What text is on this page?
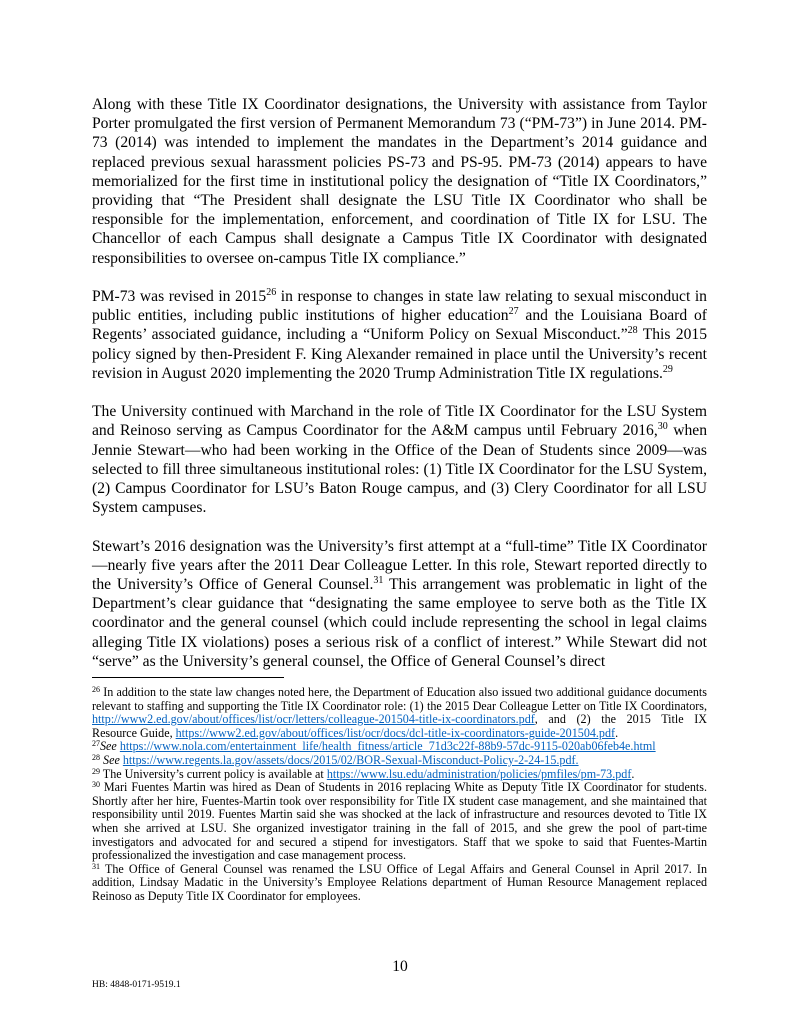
Along with these Title IX Coordinator designations, the University with assistance from Taylor Porter promulgated the first version of Permanent Memorandum 73 (“PM-73”) in June 2014. PM-73 (2014) was intended to implement the mandates in the Department’s 2014 guidance and replaced previous sexual harassment policies PS-73 and PS-95. PM-73 (2014) appears to have memorialized for the first time in institutional policy the designation of “Title IX Coordinators,” providing that “The President shall designate the LSU Title IX Coordinator who shall be responsible for the implementation, enforcement, and coordination of Title IX for LSU. The Chancellor of each Campus shall designate a Campus Title IX Coordinator with designated responsibilities to oversee on-campus Title IX compliance.”

PM-73 was revised in 2015$^{26}$ in response to changes in state law relating to sexual misconduct in public entities, including public institutions of higher education$^{27}$ and the Louisiana Board of Regents’ associated guidance, including a “Uniform Policy on Sexual Misconduct.”$^{28}$ This 2015 policy signed by then-President F. King Alexander remained in place until the University’s recent revision in August 2020 implementing the 2020 Trump Administration Title IX regulations.$^{29}$

The University continued with Marchand in the role of Title IX Coordinator for the LSU System and Reinoso serving as Campus Coordinator for the A&M campus until February 2016,30 when Jennie Stewart—who had been working in the Office of the Dean of Students since 2009—was selected to fill three simultaneous institutional roles: (1) Title IX Coordinator for the LSU System, (2) Campus Coordinator for LSU’s Baton Rouge campus, and (3) Clery Coordinator for all LSU System campuses.

Stewart’s 2016 designation was the University’s first attempt at a “full-time” Title IX Coordinator—nearly five years after the 2011 Dear Colleague Letter. In this role, Stewart reported directly to the University’s Office of General Counsel.$^{31}$ This arrangement was problematic in light of the Department’s clear guidance that “designating the same employee to serve both as the Title IX coordinator and the general counsel (which could include representing the school in legal claims alleging Title IX violations) poses a serious risk of a conflict of interest.” While Stewart did not “serve” as the University’s general counsel, the Office of General Counsel’s direct

$^{26}$ In addition to the state law changes noted here, the Department of Education also issued two additional guidance documents relevant to staffing and supporting the Title IX Coordinator role: (1) the 2015 Dear Colleague Letter on Title IX Coordinators, http://www2.ed.gov/about/offices/list/ocr/letters/colleague-201504-title-ix-coordinators.pdf, and (2) the 2015 Title IX Resource Guide, https://www2.ed.gov/about/offices/list/ocr/docs/dcl-title-ix-coordinators-guide-201504.pdf.

$^{27}$See https://www.nola.com/entertainment_life/health_fitness/article_71d3c22f-88b9-57dc-9115-020ab06feb4e.html

$^{28}$ See https://www.regents.la.gov/assets/docs/2015/02/BOR-Sexual-Misconduct-Policy-2-24-15.pdf.

$^{29}$ The University’s current policy is available at https://www.lsu.edu/administration/policies/pmfiles/pm-73.pdf.

$^{30}$ Mari Fuentes Martin was hired as Dean of Students in 2016 replacing White as Deputy Title IX Coordinator for students. Shortly after her hire, Fuentes-Martin took over responsibility for Title IX student case management, and she maintained that responsibility until 2019. Fuentes Martin said she was shocked at the lack of infrastructure and resources devoted to Title IX when she arrived at LSU. She organized investigator training in the fall of 2015, and she grew the pool of part-time investigators and advocated for and secured a stipend for investigators. Staff that we spoke to said that Fuentes-Martin professionalized the investigation and case management process.

$^{31}$ The Office of General Counsel was renamed the LSU Office of Legal Affairs and General Counsel in April 2017. In addition, Lindsay Madatic in the University’s Employee Relations department of Human Resource Management replaced Reinoso as Deputy Title IX Coordinator for employees.

10
HB: 4848-0171-9519.1
